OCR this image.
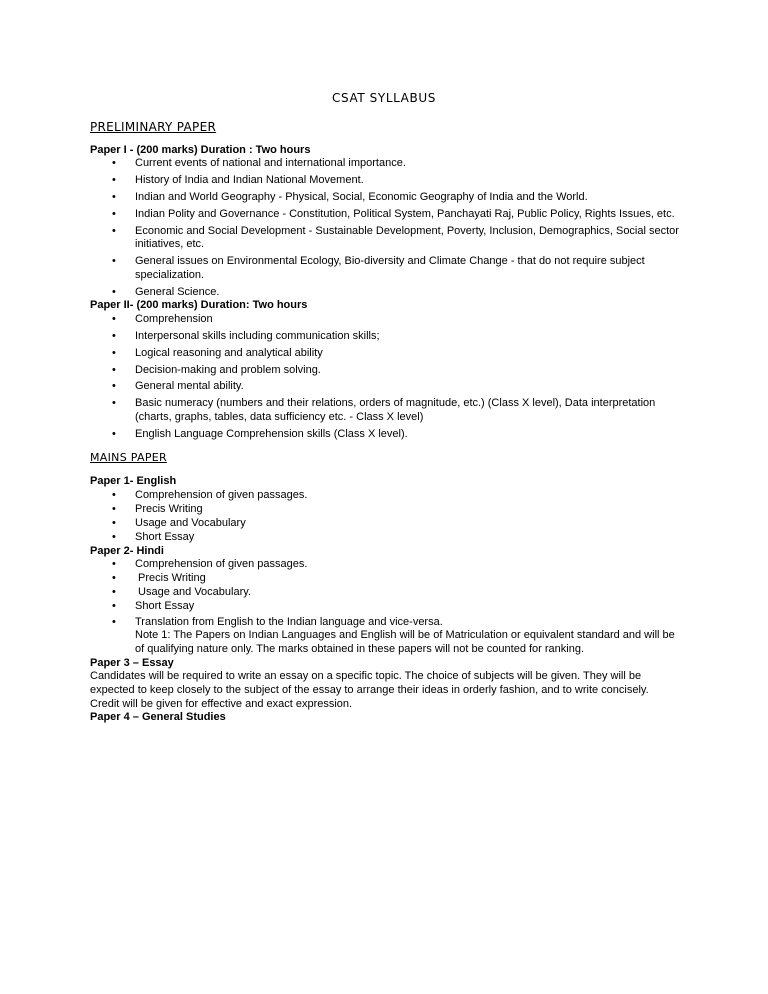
CSAT SYLLABUS

PRELIMINARY PAPER

Paper I - (200 marks) Duration : Two hours

• Current events of national and international importance.
• History of India and Indian National Movement.
• Indian and World Geography - Physical, Social, Economic Geography of India and the World.
• Indian Polity and Governance - Constitution, Political System, Panchayati Raj, Public Policy, Rights Issues, etc.
• Economic and Social Development - Sustainable Development, Poverty, Inclusion, Demographics, Social sector initiatives, etc.
• General issues on Environmental Ecology, Bio-diversity and Climate Change - that do not require subject specialization.
• General Science.

Paper II- (200 marks) Duration: Two hours

• Comprehension
• Interpersonal skills including communication skills;
• Logical reasoning and analytical ability
• Decision-making and problem solving.
• General mental ability.
• Basic numeracy (numbers and their relations, orders of magnitude, etc.) (Class X level), Data interpretation (charts, graphs, tables, data sufficiency etc. - Class X level)
• English Language Comprehension skills (Class X level).

MAINS PAPER

Paper 1- English

• Comprehension of given passages.
• Precis Writing
• Usage and Vocabulary
• Short Essay

Paper 2- Hindi

• Comprehension of given passages.
•  Precis Writing
•  Usage and Vocabulary.
• Short Essay
• Translation from English to the Indian language and vice-versa.
Note 1: The Papers on Indian Languages and English will be of Matriculation or equivalent standard and will be of qualifying nature only. The marks obtained in these papers will not be counted for ranking.

Paper 3 – Essay

Candidates will be required to write an essay on a specific topic. The choice of subjects will be given. They will be expected to keep closely to the subject of the essay to arrange their ideas in orderly fashion, and to write concisely. Credit will be given for effective and exact expression.

Paper 4 – General Studies
